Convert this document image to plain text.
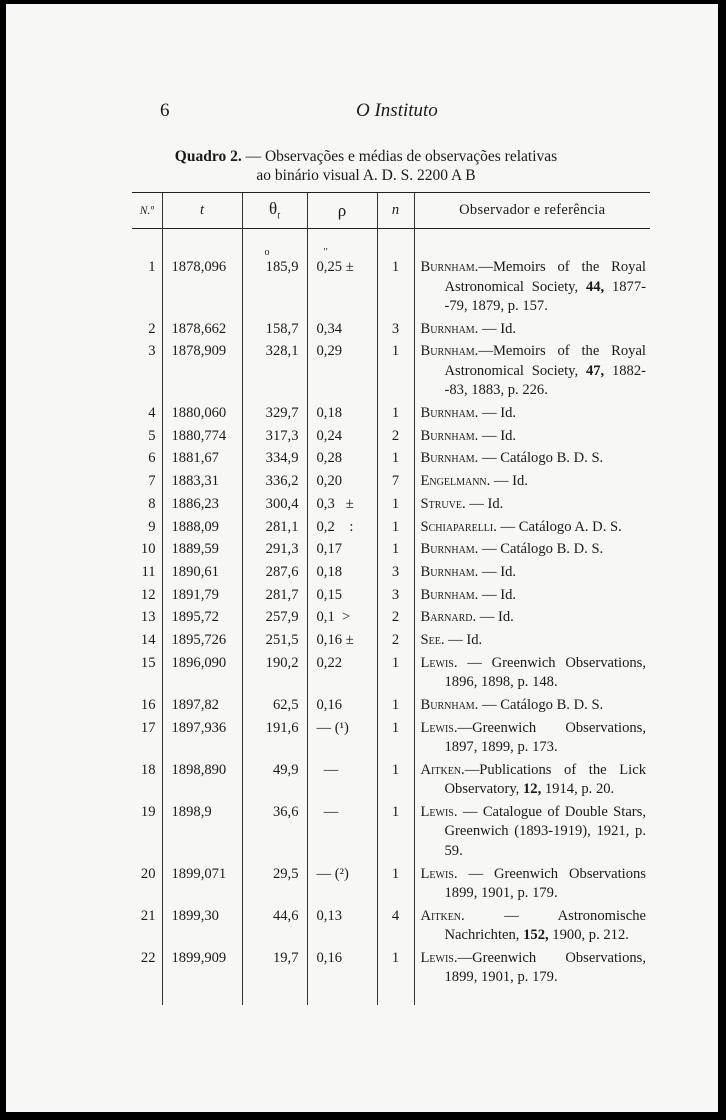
6	O Instituto
Quadro 2. — Observações e médias de observações relativas
ao binário visual A. D. S. 2200 A B
N.º	t	$\theta_t$	ρ	n	Observador e referência
		o	′′		
1	1878,096	185,9	0,25 ±	1	Burnham.—Memoirs of the Royal Astronomical Society, 44, 1877--79, 1879, p. 157.

2	1878,662	158,7	0,34	3	Burnham. — Id.

3	1878,909	328,1	0,29	1	Burnham.—Memoirs of the Royal Astronomical Society, 47, 1882--83, 1883, p. 226.

4	1880,060	329,7	0,18	1	Burnham. — Id.

5	1880,774	317,3	0,24	2	Burnham. — Id.

6	1881,67	334,9	0,28	1	Burnham. — Catálogo B. D. S.

7	1883,31	336,2	0,20	7	Engelmann. — Id.

8	1886,23	300,4	0,3   ±	1	Struve. — Id.

9	1888,09	281,1	0,2    :	1	Schiaparelli. — Catálogo A. D. S.

10	1889,59	291,3	0,17	1	Burnham. — Catálogo B. D. S.

11	1890,61	287,6	0,18	3	Burnham. — Id.

12	1891,79	281,7	0,15	3	Burnham. — Id.

13	1895,72	257,9	0,1  >	2	Barnard. — Id.

14	1895,726	251,5	0,16 ±	2	See. — Id.

15	1896,090	190,2	0,22	1	Lewis. — Greenwich Observations, 1896, 1898, p. 148.

16	1897,82	62,5	0,16	1	Burnham. — Catálogo B. D. S.

17	1897,936	191,6	— (¹)	1	Lewis.—Greenwich Observations, 1897, 1899, p. 173.

18	1898,890	49,9	—	1	Aitken.—Publications of the Lick Observatory, 12, 1914, p. 20.

19	1898,9	36,6	—	1	Lewis. — Catalogue of Double Stars, Greenwich (1893-1919), 1921, p. 59.

20	1899,071	29,5	— (²)	1	Lewis. — Greenwich Observations 1899, 1901, p. 179.

21	1899,30	44,6	0,13	4	Aitken. — Astronomische Nachrichten, 152, 1900, p. 212.

22	1899,909	19,7	0,16	1	Lewis.—Greenwich Observations, 1899, 1901, p. 179.
